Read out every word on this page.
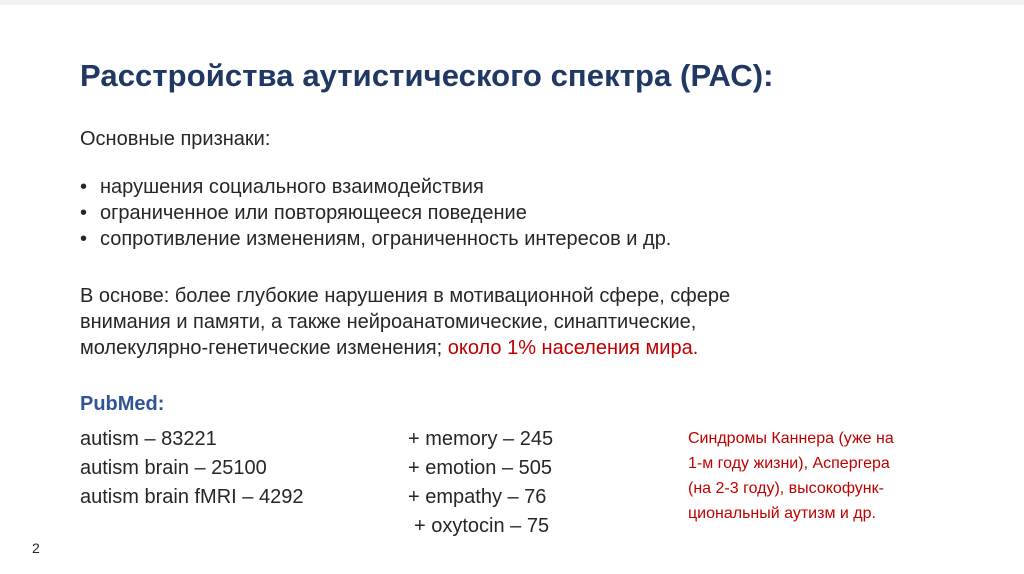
Расстройства аутистического спектра (РАС):
Основные признаки:
• нарушения социального взаимодействия
• ограниченное или повторяющееся поведение
• сопротивление изменениям, ограниченность интересов и др.
В основе: более глубокие нарушения в мотивационной сфере, сфере
внимания и памяти, а также нейроанатомические, синаптические,
молекулярно-генетические изменения; около 1% населения мира.
PubMed:
autism – 83221
autism brain – 25100
autism brain fMRI – 4292
+ memory – 245
+ emotion – 505
+ empathy – 76
+ oxytocin – 75
Синдромы Каннера (уже на
1-м году жизни), Аспергера
(на 2-3 году), высокофунк-
циональный аутизм и др.
2
